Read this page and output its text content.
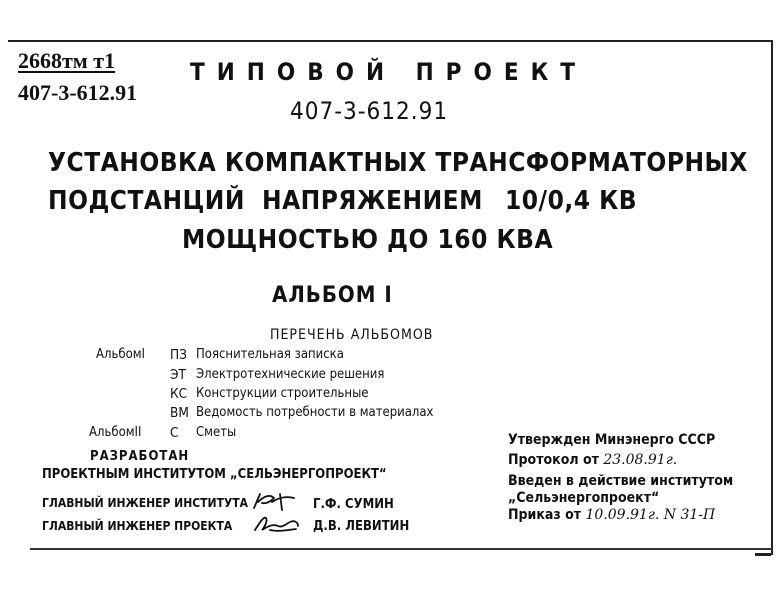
2668тм т1
407-3-612.91
ТИПОВОЙ ПРОЕКТ
407-3-612.91
УСТАНОВКА КОМПАКТНЫХ ТРАНСФОРМАТОРНЫХ
ПОДСТАНЦИЙ НАПРЯЖЕНИЕМ 10/0,4 КВ
МОЩНОСТЬЮ ДО 160 КВА
АЛЬБОМ I
ПЕРЕЧЕНЬ АЛЬБОМОВ
АльбомI
АльбомII
ПЗ Пояснительная записка
ЭТ Электротехнические решения
КС Конструкции строительные
ВМ Ведомость потребности в материалах
С Сметы
РАЗРАБОТАН
ПРОЕКТНЫМ ИНСТИТУТОМ „СЕЛЬЭНЕРГОПРОЕКТ“
ГЛАВНЫЙ ИНЖЕНЕР ИНСТИТУТА
ГЛАВНЫЙ ИНЖЕНЕР ПРОЕКТА
Г.Ф. СУМИН
Д.В. ЛЕВИТИН
Утвержден Минэнерго СССР
Протокол от 23.08.91г.
Введен в действие институтом
„Сельэнергопроект“
Приказ от 10.09.91г. N 31-П
